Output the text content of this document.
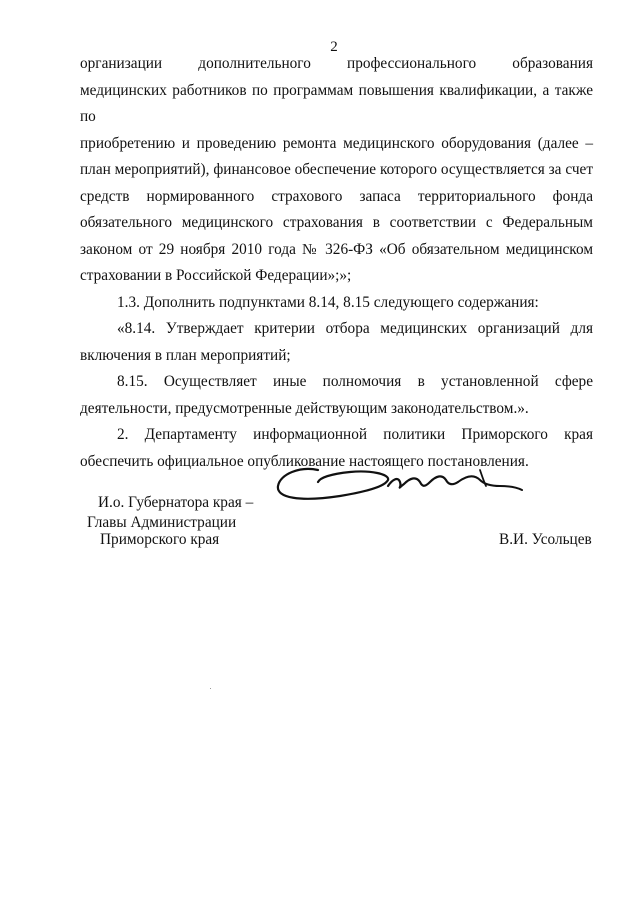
2
организации дополнительного профессионального образования
медицинских работников по программам повышения квалификации, а также по
приобретению и проведению ремонта медицинского оборудования (далее –
план мероприятий), финансовое обеспечение которого осуществляется за счет
средств нормированного страхового запаса территориального фонда
обязательного медицинского страхования в соответствии с Федеральным
законом от 29 ноября 2010 года № 326-ФЗ «Об обязательном медицинском
страховании в Российской Федерации»;»;

1.3. Дополнить подпунктами 8.14, 8.15 следующего содержания:

«8.14. Утверждает критерии отбора медицинских организаций для
включения в план мероприятий;
8.15. Осуществляет иные полномочия в установленной сфере
деятельности, предусмотренные действующим законодательством.».
2. Департаменту информационной политики Приморского края
обеспечить официальное опубликование настоящего постановления.
И.о. Губернатора края –
Главы Администрации
Приморского края	В.И. Усольцев
